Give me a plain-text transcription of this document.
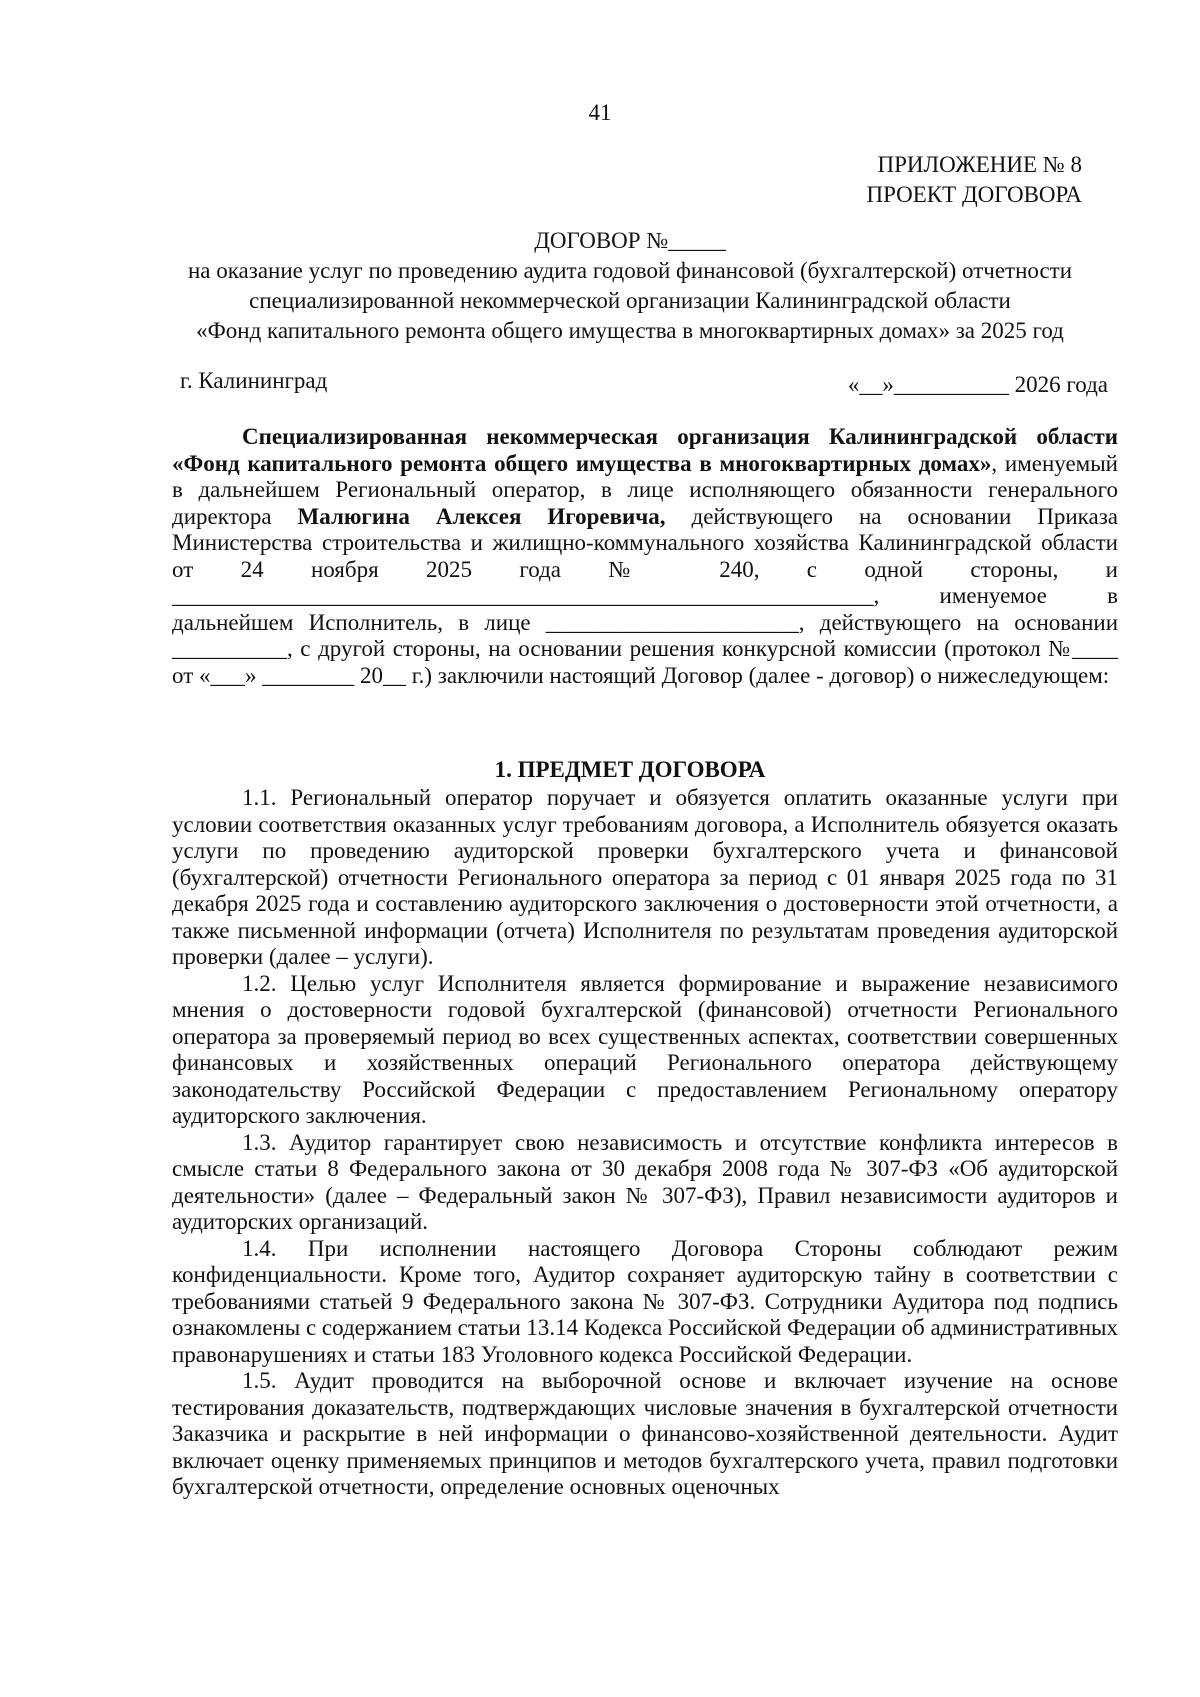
41
ПРИЛОЖЕНИЕ № 8
ПРОЕКТ ДОГОВОРА
ДОГОВОР №_____
на оказание услуг по проведению аудита годовой финансовой (бухгалтерской) отчетности
специализированной некоммерческой организации Калининградской области
«Фонд капитального ремонта общего имущества в многоквартирных домах» за 2025 год
г. Калининград	«__»__________ 2026 года

Специализированная некоммерческая организация Калининградской области «Фонд капитального ремонта общего имущества в многоквартирных домах», именуемый в дальнейшем Региональный оператор, в лице исполняющего обязанности генерального директора Малюгина Алексея Игоревича, действующего на основании Приказа Министерства строительства и жилищно-коммунального хозяйства Калининградской области от 24 ноября 2025 года № 240, с одной стороны, и _____________________________________________________________, именуемое в дальнейшем Исполнитель, в лице ______________________, действующего на основании __________, с другой стороны, на основании решения конкурсной комиссии (протокол №____ от «___» ________ 20__ г.) заключили настоящий Договор (далее - договор) о нижеследующем:

1. ПРЕДМЕТ ДОГОВОРА

1.1. Региональный оператор поручает и обязуется оплатить оказанные услуги при условии соответствия оказанных услуг требованиям договора, а Исполнитель обязуется оказать услуги по проведению аудиторской проверки бухгалтерского учета и финансовой (бухгалтерской) отчетности Регионального оператора за период с 01 января 2025 года по 31 декабря 2025 года и составлению аудиторского заключения о достоверности этой отчетности, а также письменной информации (отчета) Исполнителя по результатам проведения аудиторской проверки (далее – услуги).

1.2. Целью услуг Исполнителя является формирование и выражение независимого мнения о достоверности годовой бухгалтерской (финансовой) отчетности Регионального оператора за проверяемый период во всех существенных аспектах, соответствии совершенных финансовых и хозяйственных операций Регионального оператора действующему законодательству Российской Федерации с предоставлением Региональному оператору аудиторского заключения.

1.3. Аудитор гарантирует свою независимость и отсутствие конфликта интересов в смысле статьи 8 Федерального закона от 30 декабря 2008 года № 307-ФЗ «Об аудиторской деятельности» (далее – Федеральный закон № 307-ФЗ), Правил независимости аудиторов и аудиторских организаций.

1.4. При исполнении настоящего Договора Стороны соблюдают режим конфиденциальности. Кроме того, Аудитор сохраняет аудиторскую тайну в соответствии с требованиями статьей 9 Федерального закона № 307-ФЗ. Сотрудники Аудитора под подпись ознакомлены с содержанием статьи 13.14 Кодекса Российской Федерации об административных правонарушениях и статьи 183 Уголовного кодекса Российской Федерации.

1.5. Аудит проводится на выборочной основе и включает изучение на основе тестирования доказательств, подтверждающих числовые значения в бухгалтерской отчетности Заказчика и раскрытие в ней информации о финансово-хозяйственной деятельности. Аудит включает оценку применяемых принципов и методов бухгалтерского учета, правил подготовки бухгалтерской отчетности, определение основных оценочных
